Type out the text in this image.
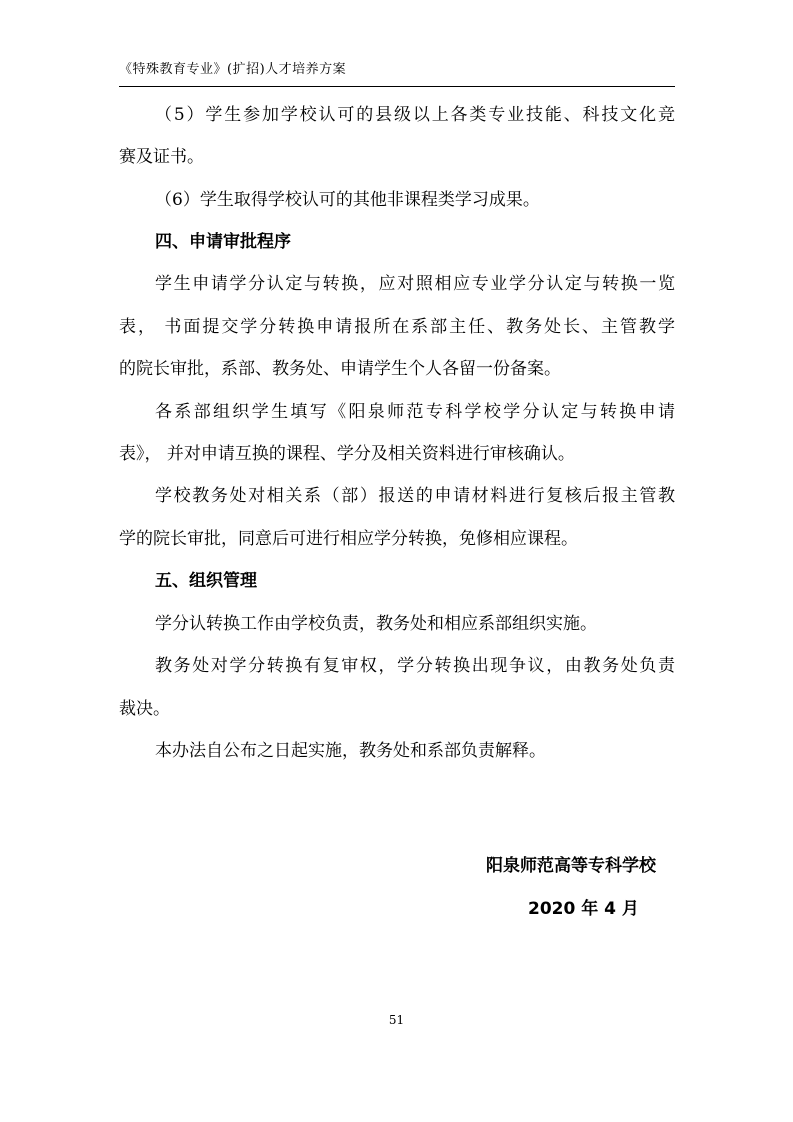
《特殊教育专业》(扩招)人才培养方案
（5）学生参加学校认可的县级以上各类专业技能、科技文化竞
赛及证书。
（6）学生取得学校认可的其他非课程类学习成果。
四、申请审批程序
学生申请学分认定与转换，应对照相应专业学分认定与转换一览
表， 书面提交学分转换申请报所在系部主任、教务处长、主管教学
的院长审批，系部、教务处、申请学生个人各留一份备案。
各系部组织学生填写《阳泉师范专科学校学分认定与转换申请
表》， 并对申请互换的课程、学分及相关资料进行审核确认。
学校教务处对相关系（部）报送的申请材料进行复核后报主管教
学的院长审批，同意后可进行相应学分转换，免修相应课程。
五、组织管理
学分认转换工作由学校负责，教务处和相应系部组织实施。
教务处对学分转换有复审权，学分转换出现争议，由教务处负责
裁决。
本办法自公布之日起实施，教务处和系部负责解释。
阳泉师范高等专科学校
2020 年 4 月
51
